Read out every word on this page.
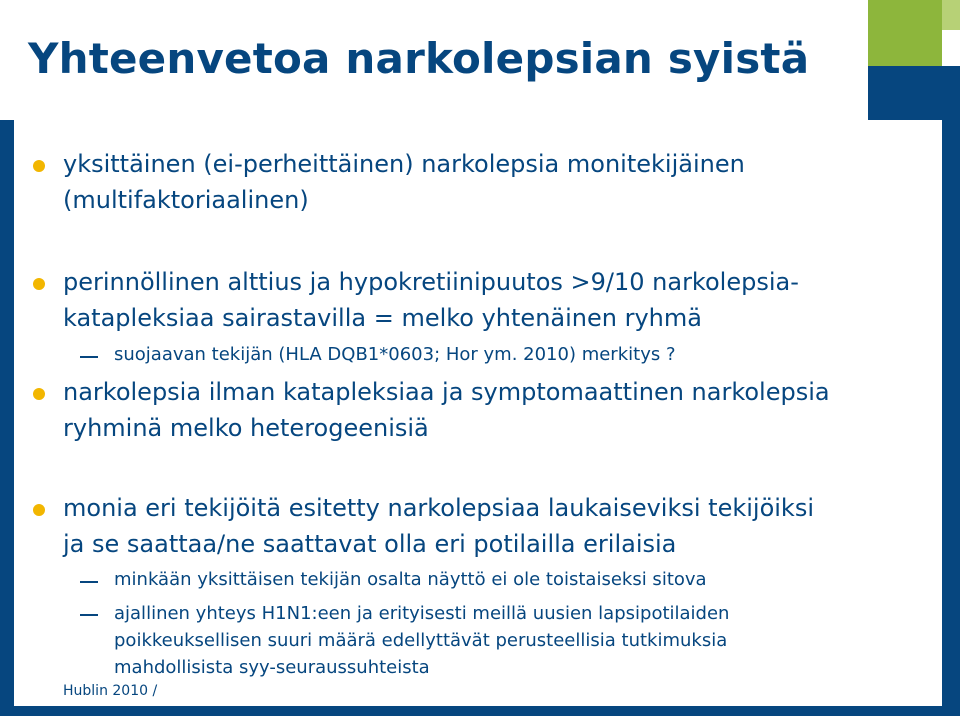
Yhteenvetoa narkolepsian syistä

yksittäinen (ei-perheittäinen) narkolepsia monitekijäinen
(multifaktoriaalinen)

perinnöllinen alttius ja hypokretiinipuutos >9/10 narkolepsia-
katapleksiaa sairastavilla = melko yhtenäinen ryhmä

suojaavan tekijän (HLA DQB1*0603; Hor ym. 2010) merkitys ?

narkolepsia ilman katapleksiaa ja symptomaattinen narkolepsia
ryhminä melko heterogeenisiä

monia eri tekijöitä esitetty narkolepsiaa laukaiseviksi tekijöiksi
ja se saattaa/ne saattavat olla eri potilailla erilaisia

minkään yksittäisen tekijän osalta näyttö ei ole toistaiseksi sitova

ajallinen yhteys H1N1:een ja erityisesti meillä uusien lapsipotilaiden
poikkeuksellisen suuri määrä edellyttävät perusteellisia tutkimuksia
mahdollisista syy-seuraussuhteista

Hublin 2010 /
